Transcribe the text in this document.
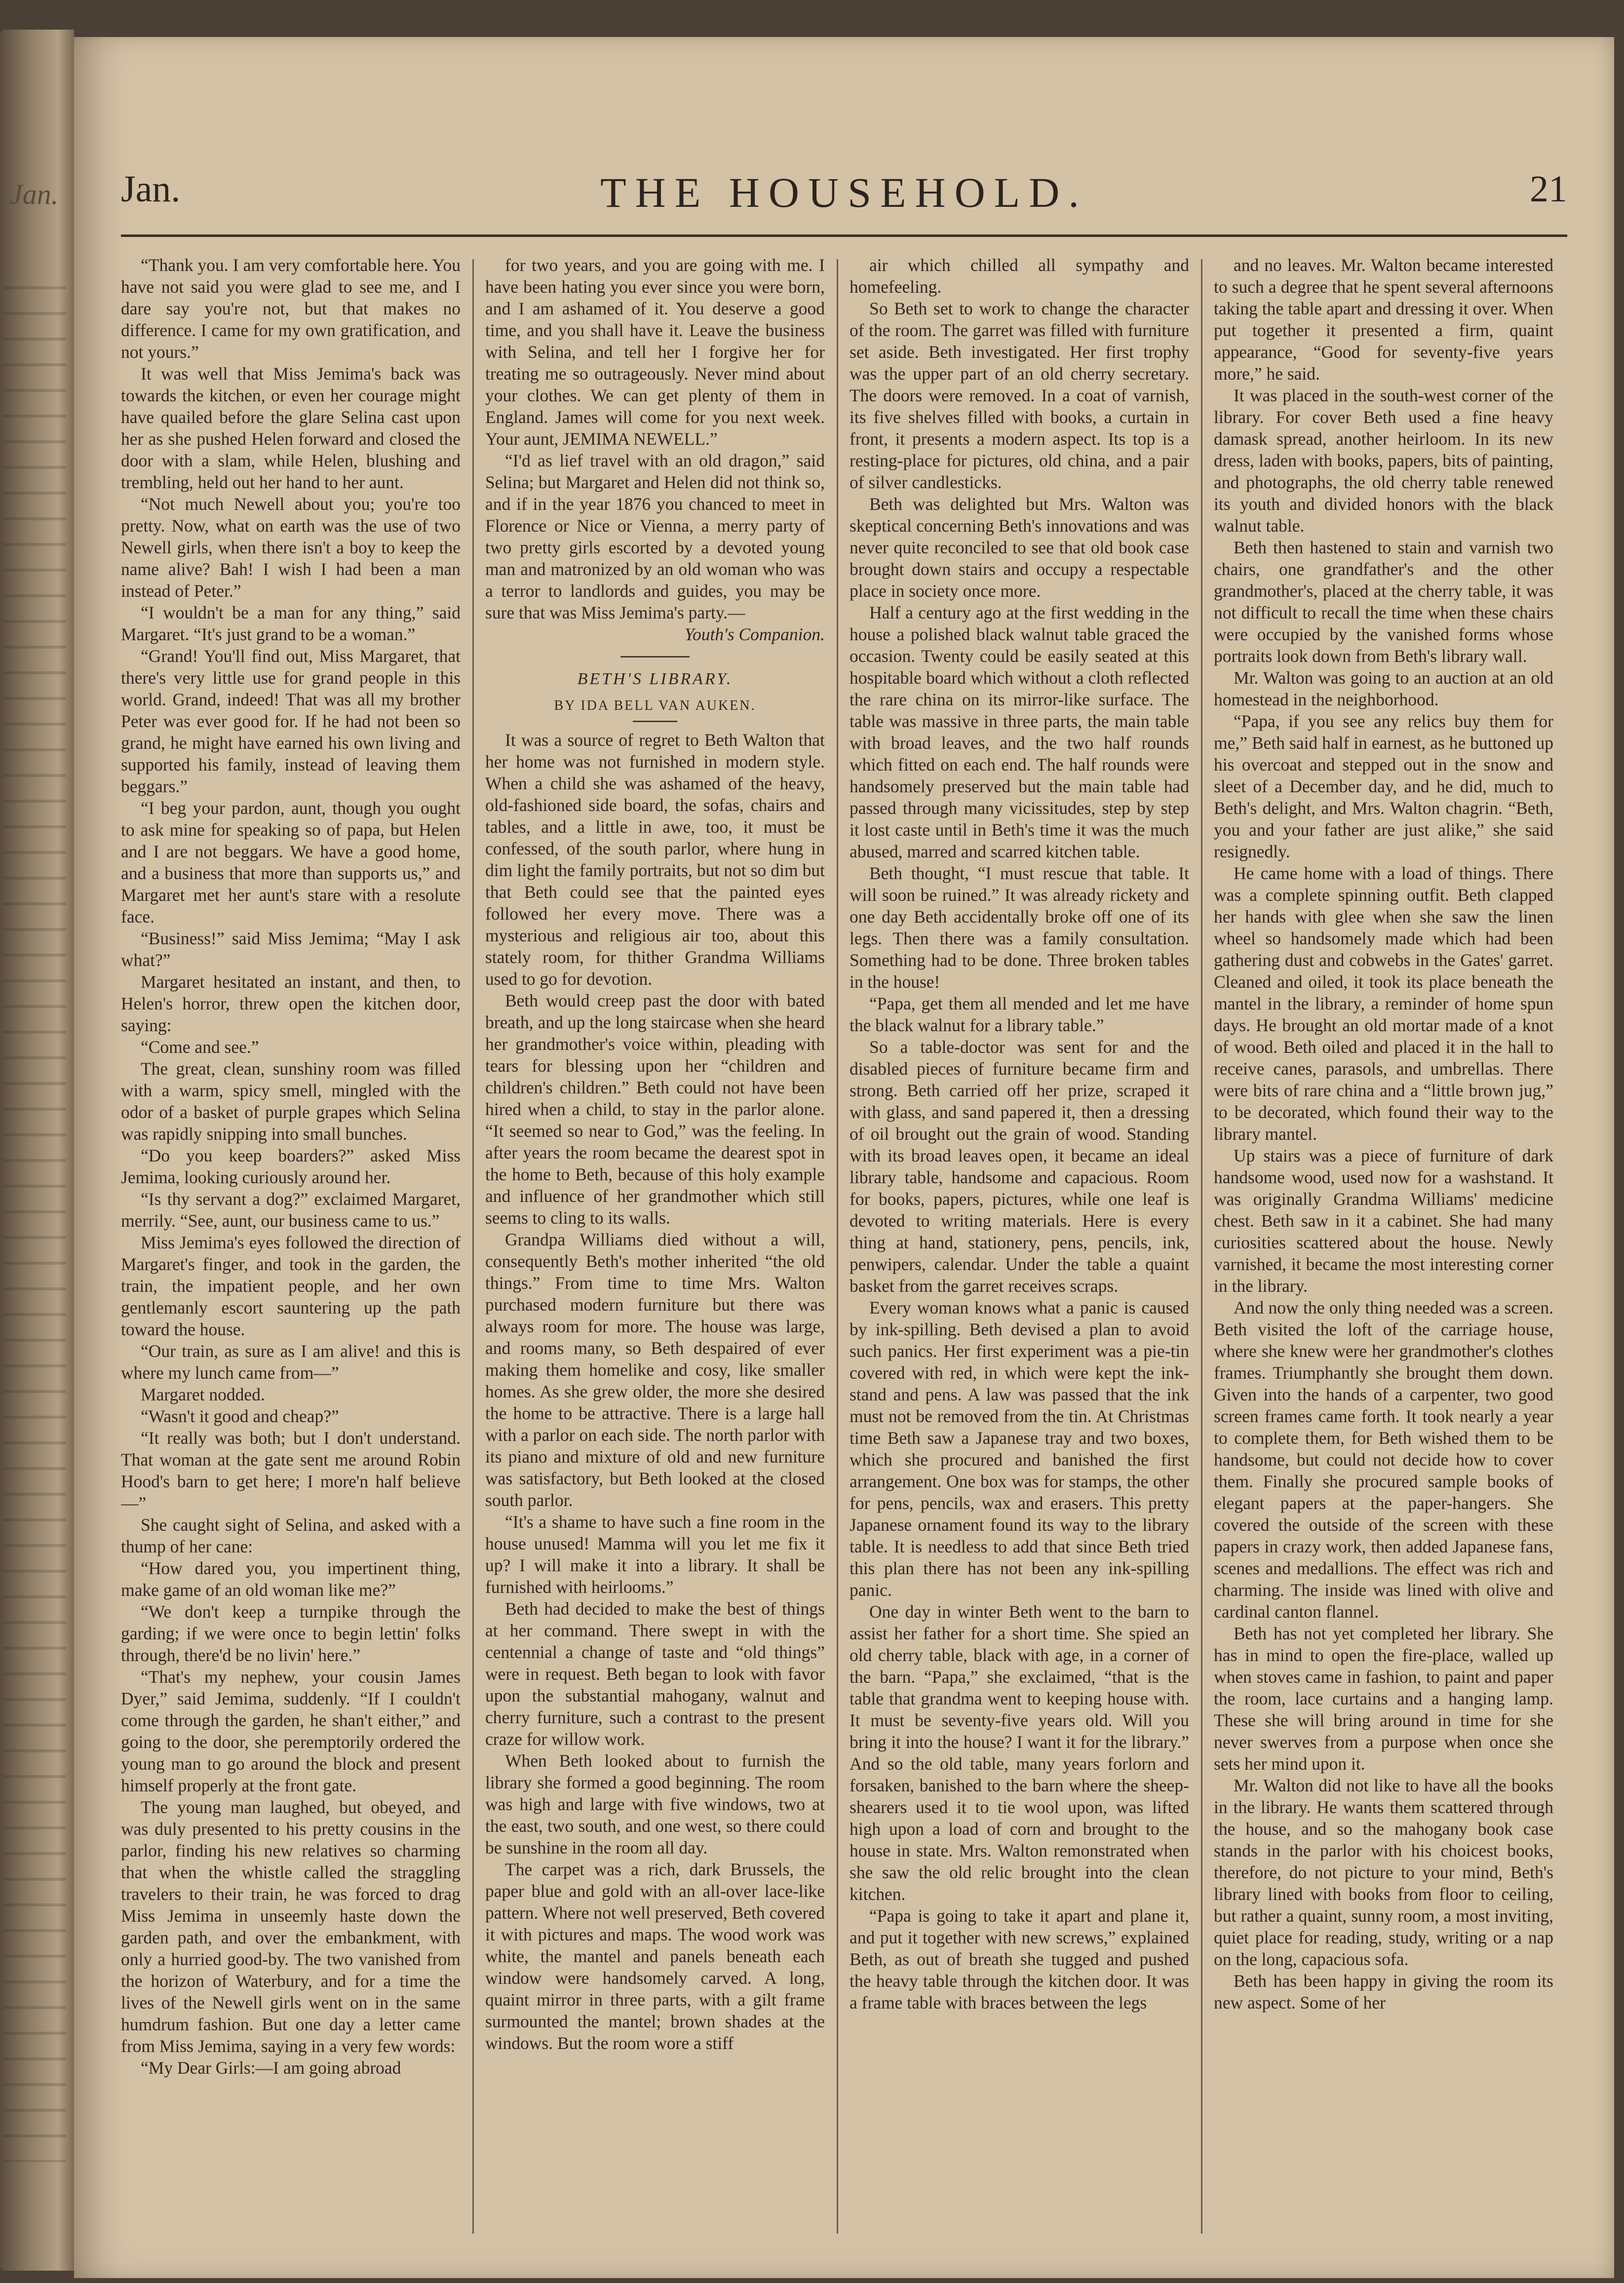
Jan. Jan.	THE HOUSEHOLD.	21

“Thank you. I am very comfortable here. You have not said you were glad to see me, and I dare say you're not, but that makes no difference. I came for my own gratification, and not yours.”

It was well that Miss Jemima's back was towards the kitchen, or even her courage might have quailed before the glare Selina cast upon her as she pushed Helen forward and closed the door with a slam, while Helen, blushing and trembling, held out her hand to her aunt.

“Not much Newell about you; you're too pretty. Now, what on earth was the use of two Newell girls, when there isn't a boy to keep the name alive? Bah! I wish I had been a man instead of Peter.”

“I wouldn't be a man for any thing,” said Margaret. “It's just grand to be a woman.”

“Grand! You'll find out, Miss Margaret, that there's very little use for grand people in this world. Grand, indeed! That was all my brother Peter was ever good for. If he had not been so grand, he might have earned his own living and supported his family, instead of leaving them beggars.”

“I beg your pardon, aunt, though you ought to ask mine for speaking so of papa, but Helen and I are not beggars. We have a good home, and a business that more than supports us,” and Margaret met her aunt's stare with a resolute face.

“Business!” said Miss Jemima; “May I ask what?”

Margaret hesitated an instant, and then, to Helen's horror, threw open the kitchen door, saying:

“Come and see.”

The great, clean, sunshiny room was filled with a warm, spicy smell, mingled with the odor of a basket of purple grapes which Selina was rapidly snipping into small bunches.

“Do you keep boarders?” asked Miss Jemima, looking curiously around her.

“Is thy servant a dog?” exclaimed Margaret, merrily. “See, aunt, our business came to us.”

Miss Jemima's eyes followed the direction of Margaret's finger, and took in the garden, the train, the impatient people, and her own gentlemanly escort sauntering up the path toward the house.

“Our train, as sure as I am alive! and this is where my lunch came from—”

Margaret nodded.

“Wasn't it good and cheap?”

“It really was both; but I don't understand. That woman at the gate sent me around Robin Hood's barn to get here; I more'n half believe—”

She caught sight of Selina, and asked with a thump of her cane:

“How dared you, you impertinent thing, make game of an old woman like me?”

“We don't keep a turnpike through the garding; if we were once to begin lettin' folks through, there'd be no livin' here.”

“That's my nephew, your cousin James Dyer,” said Jemima, suddenly. “If I couldn't come through the garden, he shan't either,” and going to the door, she peremptorily ordered the young man to go around the block and present himself properly at the front gate.

The young man laughed, but obeyed, and was duly presented to his pretty cousins in the parlor, finding his new relatives so charming that when the whistle called the straggling travelers to their train, he was forced to drag Miss Jemima in unseemly haste down the garden path, and over the embankment, with only a hurried good-by. The two vanished from the horizon of Waterbury, and for a time the lives of the Newell girls went on in the same humdrum fashion. But one day a letter came from Miss Jemima, saying in a very few words:

“My Dear Girls:—I am going abroad

for two years, and you are going with me. I have been hating you ever since you were born, and I am ashamed of it. You deserve a good time, and you shall have it. Leave the business with Selina, and tell her I forgive her for treating me so outrageously. Never mind about your clothes. We can get plenty of them in England. James will come for you next week. Your aunt, JEMIMA NEWELL.”

“I'd as lief travel with an old dragon,” said Selina; but Margaret and Helen did not think so, and if in the year 1876 you chanced to meet in Florence or Nice or Vienna, a merry party of two pretty girls escorted by a devoted young man and matronized by an old woman who was a terror to landlords and guides, you may be sure that was Miss Jemima's party.—

Youth's Companion.

BETH'S LIBRARY.
BY IDA BELL VAN AUKEN.

It was a source of regret to Beth Walton that her home was not furnished in modern style. When a child she was ashamed of the heavy, old-fashioned side board, the sofas, chairs and tables, and a little in awe, too, it must be confessed, of the south parlor, where hung in dim light the family portraits, but not so dim but that Beth could see that the painted eyes followed her every move. There was a mysterious and religious air too, about this stately room, for thither Grandma Williams used to go for devotion.

Beth would creep past the door with bated breath, and up the long staircase when she heard her grandmother's voice within, pleading with tears for blessing upon her “children and children's children.” Beth could not have been hired when a child, to stay in the parlor alone. “It seemed so near to God,” was the feeling. In after years the room became the dearest spot in the home to Beth, because of this holy example and influence of her grandmother which still seems to cling to its walls.

Grandpa Williams died without a will, consequently Beth's mother inherited “the old things.” From time to time Mrs. Walton purchased modern furniture but there was always room for more. The house was large, and rooms many, so Beth despaired of ever making them homelike and cosy, like smaller homes. As she grew older, the more she desired the home to be attractive. There is a large hall with a parlor on each side. The north parlor with its piano and mixture of old and new furniture was satisfactory, but Beth looked at the closed south parlor.

“It's a shame to have such a fine room in the house unused! Mamma will you let me fix it up? I will make it into a library. It shall be furnished with heirlooms.”

Beth had decided to make the best of things at her command. There swept in with the centennial a change of taste and “old things” were in request. Beth began to look with favor upon the substantial mahogany, walnut and cherry furniture, such a contrast to the present craze for willow work.

When Beth looked about to furnish the library she formed a good beginning. The room was high and large with five windows, two at the east, two south, and one west, so there could be sunshine in the room all day.

The carpet was a rich, dark Brussels, the paper blue and gold with an all-over lace-like pattern. Where not well preserved, Beth covered it with pictures and maps. The wood work was white, the mantel and panels beneath each window were handsomely carved. A long, quaint mirror in three parts, with a gilt frame surmounted the mantel; brown shades at the windows. But the room wore a stiff

air which chilled all sympathy and homefeeling.

So Beth set to work to change the character of the room. The garret was filled with furniture set aside. Beth investigated. Her first trophy was the upper part of an old cherry secretary. The doors were removed. In a coat of varnish, its five shelves filled with books, a curtain in front, it presents a modern aspect. Its top is a resting-place for pictures, old china, and a pair of silver candlesticks.

Beth was delighted but Mrs. Walton was skeptical concerning Beth's innovations and was never quite reconciled to see that old book case brought down stairs and occupy a respectable place in society once more.

Half a century ago at the first wedding in the house a polished black walnut table graced the occasion. Twenty could be easily seated at this hospitable board which without a cloth reflected the rare china on its mirror-like surface. The table was massive in three parts, the main table with broad leaves, and the two half rounds which fitted on each end. The half rounds were handsomely preserved but the main table had passed through many vicissitudes, step by step it lost caste until in Beth's time it was the much abused, marred and scarred kitchen table.

Beth thought, “I must rescue that table. It will soon be ruined.” It was already rickety and one day Beth accidentally broke off one of its legs. Then there was a family consultation. Something had to be done. Three broken tables in the house!

“Papa, get them all mended and let me have the black walnut for a library table.”

So a table-doctor was sent for and the disabled pieces of furniture became firm and strong. Beth carried off her prize, scraped it with glass, and sand papered it, then a dressing of oil brought out the grain of wood. Standing with its broad leaves open, it became an ideal library table, handsome and capacious. Room for books, papers, pictures, while one leaf is devoted to writing materials. Here is every thing at hand, stationery, pens, pencils, ink, penwipers, calendar. Under the table a quaint basket from the garret receives scraps.

Every woman knows what a panic is caused by ink-spilling. Beth devised a plan to avoid such panics. Her first experiment was a pie-tin covered with red, in which were kept the ink-stand and pens. A law was passed that the ink must not be removed from the tin. At Christmas time Beth saw a Japanese tray and two boxes, which she procured and banished the first arrangement. One box was for stamps, the other for pens, pencils, wax and erasers. This pretty Japanese ornament found its way to the library table. It is needless to add that since Beth tried this plan there has not been any ink-spilling panic.

One day in winter Beth went to the barn to assist her father for a short time. She spied an old cherry table, black with age, in a corner of the barn. “Papa,” she exclaimed, “that is the table that grandma went to keeping house with. It must be seventy-five years old. Will you bring it into the house? I want it for the library.” And so the old table, many years forlorn and forsaken, banished to the barn where the sheep-shearers used it to tie wool upon, was lifted high upon a load of corn and brought to the house in state. Mrs. Walton remonstrated when she saw the old relic brought into the clean kitchen.

“Papa is going to take it apart and plane it, and put it together with new screws,” explained Beth, as out of breath she tugged and pushed the heavy table through the kitchen door. It was a frame table with braces between the legs

and no leaves. Mr. Walton became interested to such a degree that he spent several afternoons taking the table apart and dressing it over. When put together it presented a firm, quaint appearance, “Good for seventy-five years more,” he said.

It was placed in the south-west corner of the library. For cover Beth used a fine heavy damask spread, another heirloom. In its new dress, laden with books, papers, bits of painting, and photographs, the old cherry table renewed its youth and divided honors with the black walnut table.

Beth then hastened to stain and varnish two chairs, one grandfather's and the other grandmother's, placed at the cherry table, it was not difficult to recall the time when these chairs were occupied by the vanished forms whose portraits look down from Beth's library wall.

Mr. Walton was going to an auction at an old homestead in the neighborhood.

“Papa, if you see any relics buy them for me,” Beth said half in earnest, as he buttoned up his overcoat and stepped out in the snow and sleet of a December day, and he did, much to Beth's delight, and Mrs. Walton chagrin. “Beth, you and your father are just alike,” she said resignedly.

He came home with a load of things. There was a complete spinning outfit. Beth clapped her hands with glee when she saw the linen wheel so handsomely made which had been gathering dust and cobwebs in the Gates' garret. Cleaned and oiled, it took its place beneath the mantel in the library, a reminder of home spun days. He brought an old mortar made of a knot of wood. Beth oiled and placed it in the hall to receive canes, parasols, and umbrellas. There were bits of rare china and a “little brown jug,” to be decorated, which found their way to the library mantel.

Up stairs was a piece of furniture of dark handsome wood, used now for a washstand. It was originally Grandma Williams' medicine chest. Beth saw in it a cabinet. She had many curiosities scattered about the house. Newly varnished, it became the most interesting corner in the library.

And now the only thing needed was a screen. Beth visited the loft of the carriage house, where she knew were her grandmother's clothes frames. Triumphantly she brought them down. Given into the hands of a carpenter, two good screen frames came forth. It took nearly a year to complete them, for Beth wished them to be handsome, but could not decide how to cover them. Finally she procured sample books of elegant papers at the paper-hangers. She covered the outside of the screen with these papers in crazy work, then added Japanese fans, scenes and medallions. The effect was rich and charming. The inside was lined with olive and cardinal canton flannel.

Beth has not yet completed her library. She has in mind to open the fire-place, walled up when stoves came in fashion, to paint and paper the room, lace curtains and a hanging lamp. These she will bring around in time for she never swerves from a purpose when once she sets her mind upon it.

Mr. Walton did not like to have all the books in the library. He wants them scattered through the house, and so the mahogany book case stands in the parlor with his choicest books, therefore, do not picture to your mind, Beth's library lined with books from floor to ceiling, but rather a quaint, sunny room, a most inviting, quiet place for reading, study, writing or a nap on the long, capacious sofa.

Beth has been happy in giving the room its new aspect. Some of her
